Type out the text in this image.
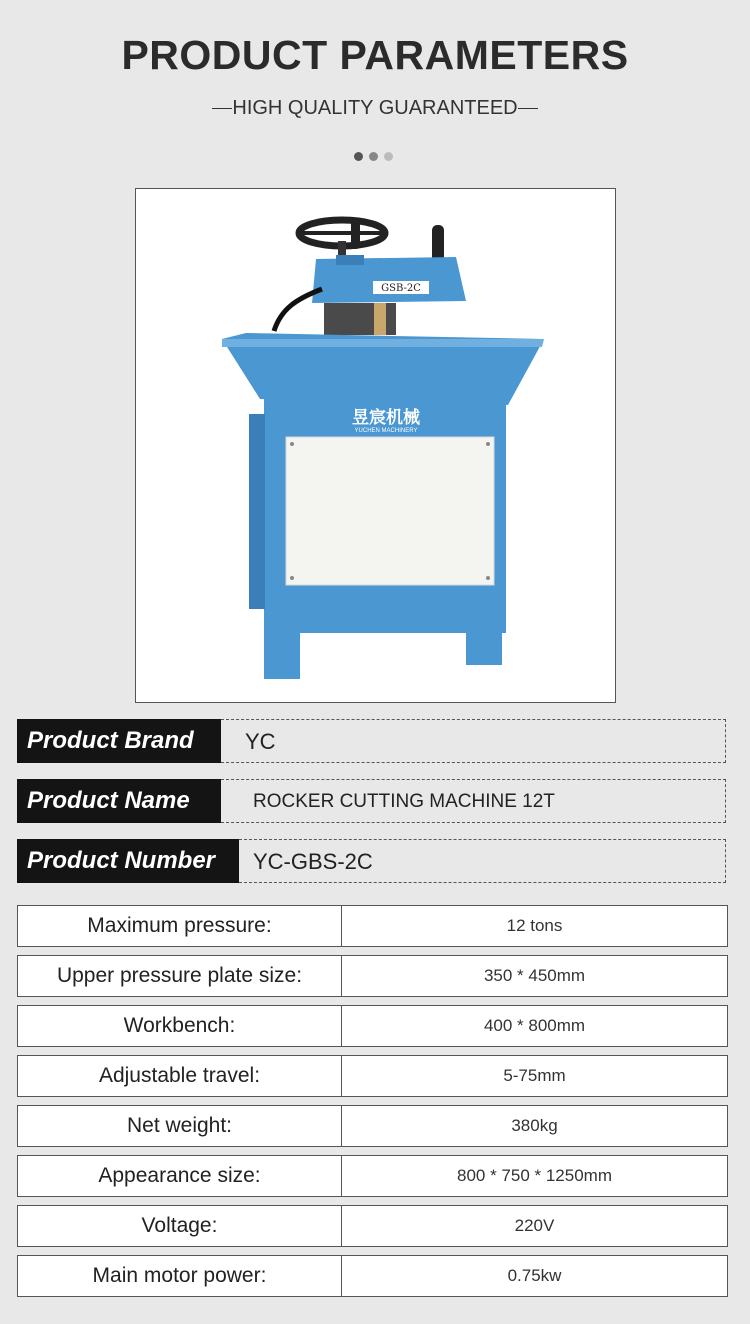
PRODUCT PARAMETERS
HIGH QUALITY GUARANTEED
GSB-2C
昱宸机械
YUCHEN MACHINERY
Product Brand	YC
Product Name	ROCKER CUTTING MACHINE 12T
Product Number	YC-GBS-2C
Maximum pressure:	12 tons
Upper pressure plate size:	350 * 450mm
Workbench:	400 * 800mm
Adjustable travel:	5-75mm
Net weight:	380kg
Appearance size:	800 * 750 * 1250mm
Voltage:	220V
Main motor power:	0.75kw
